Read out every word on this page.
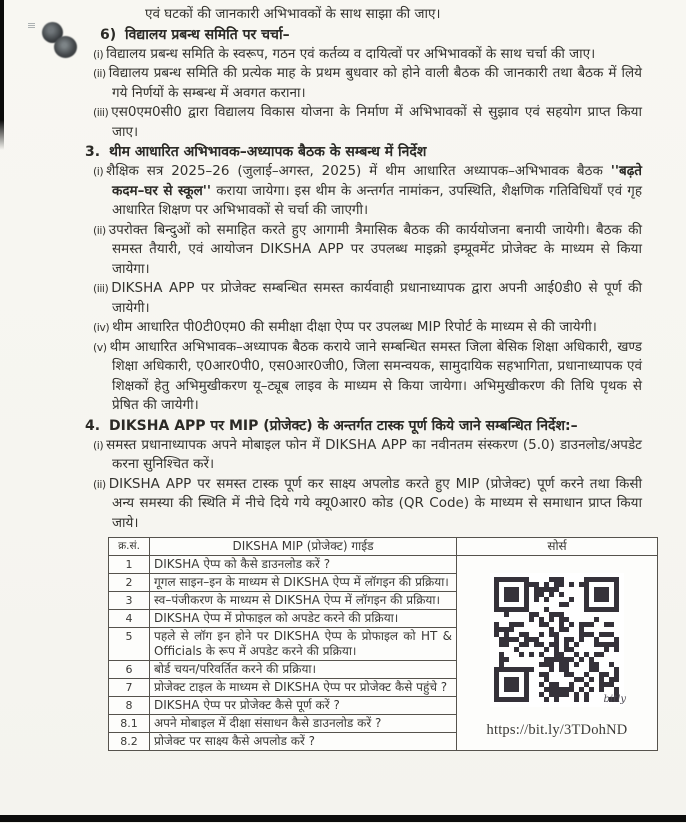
एवं घटकों की जानकारी अभिभावकों के साथ साझा की जाए।
6) विद्यालय प्रबन्ध समिति पर चर्चा–
(i) विद्यालय प्रबन्ध समिति के स्वरूप, गठन एवं कर्तव्य व दायित्वों पर अभिभावकों के साथ चर्चा की जाए।
(ii) विद्यालय प्रबन्ध समिति की प्रत्येक माह के प्रथम बुधवार को होने वाली बैठक की जानकारी तथा बैठक में लिये गये निर्णयों के सम्बन्ध में अवगत कराना।
(iii) एस0एम0सी0 द्वारा विद्यालय विकास योजना के निर्माण में अभिभावकों से सुझाव एवं सहयोग प्राप्त किया जाए।
3. थीम आधारित अभिभावक–अध्यापक बैठक के सम्बन्ध में निर्देश
(i) शैक्षिक सत्र 2025–26 (जुलाई–अगस्त, 2025) में थीम आधारित अध्यापक–अभिभावक बैठक ''बढ़ते कदम–घर से स्कूल'' कराया जायेगा। इस थीम के अन्तर्गत नामांकन, उपस्थिति, शैक्षणिक गतिविधियाँ एवं गृह आधारित शिक्षण पर अभिभावकों से चर्चा की जाएगी।
(ii) उपरोक्त बिन्दुओं को समाहित करते हुए आगामी त्रैमासिक बैठक की कार्ययोजना बनायी जायेगी। बैठक की समस्त तैयारी, एवं आयोजन DIKSHA APP पर उपलब्ध माइक्रो इम्प्रूवमेंट प्रोजेक्ट के माध्यम से किया जायेगा।
(iii) DIKSHA APP पर प्रोजेक्ट सम्बन्धित समस्त कार्यवाही प्रधानाध्यापक द्वारा अपनी आई0डी0 से पूर्ण की जायेगी।
(iv) थीम आधारित पी0टी0एम0 की समीक्षा दीक्षा ऐप्प पर उपलब्ध MIP रिपोर्ट के माध्यम से की जायेगी।
(v) थीम आधारित अभिभावक–अध्यापक बैठक कराये जाने सम्बन्धित समस्त जिला बेसिक शिक्षा अधिकारी, खण्ड शिक्षा अधिकारी, ए0आर0पी0, एस0आर0जी0, जिला समन्वयक, सामुदायिक सहभागिता, प्रधानाध्यापक एवं शिक्षकों हेतु अभिमुखीकरण यू–ट्यूब लाइव के माध्यम से किया जायेगा। अभिमुखीकरण की तिथि पृथक से प्रेषित की जायेगी।
4. DIKSHA APP पर MIP (प्रोजेक्ट) के अन्तर्गत टास्क पूर्ण किये जाने सम्बन्धित निर्देश:–
(i) समस्त प्रधानाध्यापक अपने मोबाइल फोन में DIKSHA APP का नवीनतम संस्करण (5.0) डाउनलोड/अपडेट करना सुनिश्चित करें।
(ii) DIKSHA APP पर समस्त टास्क पूर्ण कर साक्ष्य अपलोड करते हुए MIP (प्रोजेक्ट) पूर्ण करने तथा किसी अन्य समस्या की स्थिति में नीचे दिये गये क्यू0आर0 कोड (QR Code) के माध्यम से समाधान प्राप्त किया जाये।
क्र.सं.	DIKSHA MIP (प्रोजेक्ट) गाईड	सोर्स
1	DIKSHA ऐप्प को कैसे डाउनलोड करें ?	bitly
https://bit.ly/3TDohND

2	गूगल साइन–इन के माध्यम से DIKSHA ऐप्प में लॉगइन की प्रक्रिया।	
3	स्व–पंजीकरण के माध्यम से DIKSHA ऐप्प में लॉगइन की प्रक्रिया।	
4	DIKSHA ऐप्प में प्रोफाइल को अपडेट करने की प्रक्रिया।	
5	पहले से लॉग इन होने पर DIKSHA ऐप्प के प्रोफाइल को HT & Officials के रूप में अपडेट करने की प्रक्रिया।	
6	बोर्ड चयन/परिवर्तित करने की प्रक्रिया।	
7	प्रोजेक्ट टाइल के माध्यम से DIKSHA ऐप्प पर प्रोजेक्ट कैसे पहुंचे ?	
8	DIKSHA ऐप्प पर प्रोजेक्ट कैसे पूर्ण करें ?	
8.1	अपने मोबाइल में दीक्षा संसाधन कैसे डाउनलोड करें ?	
8.2	प्रोजेक्ट पर साक्ष्य कैसे अपलोड करें ?	
